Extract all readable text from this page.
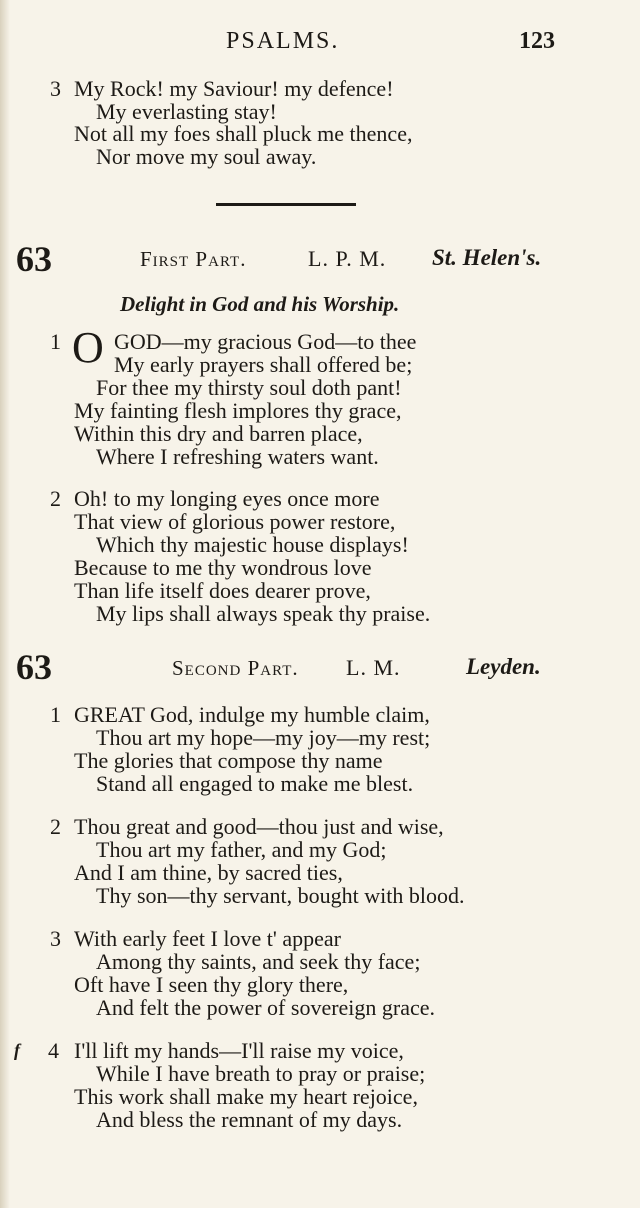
PSALMS.	123
3 My Rock! my Saviour! my defence!
My everlasting stay!
Not all my foes shall pluck me thence,
Nor move my soul away.
63	First Part.	L. P. M. St. Helen's.
Delight in God and his Worship.
1 O GOD—my gracious God—to thee
My early prayers shall offered be;
For thee my thirsty soul doth pant!
My fainting flesh implores thy grace,
Within this dry and barren place,
Where I refreshing waters want.
2 Oh! to my longing eyes once more
That view of glorious power restore,
Which thy majestic house displays!
Because to me thy wondrous love
Than life itself does dearer prove,
My lips shall always speak thy praise.
63	Second Part. L. M.	Leyden.
1 GREAT God, indulge my humble claim,
Thou art my hope—my joy—my rest;
The glories that compose thy name
Stand all engaged to make me blest.
2 Thou great and good—thou just and wise,
Thou art my father, and my God;
And I am thine, by sacred ties,
Thy son—thy servant, bought with blood.
3 With early feet I love t' appear
Among thy saints, and seek thy face;
Oft have I seen thy glory there,
And felt the power of sovereign grace.
f 4 I'll lift my hands—I'll raise my voice,
While I have breath to pray or praise;
This work shall make my heart rejoice,
And bless the remnant of my days.
